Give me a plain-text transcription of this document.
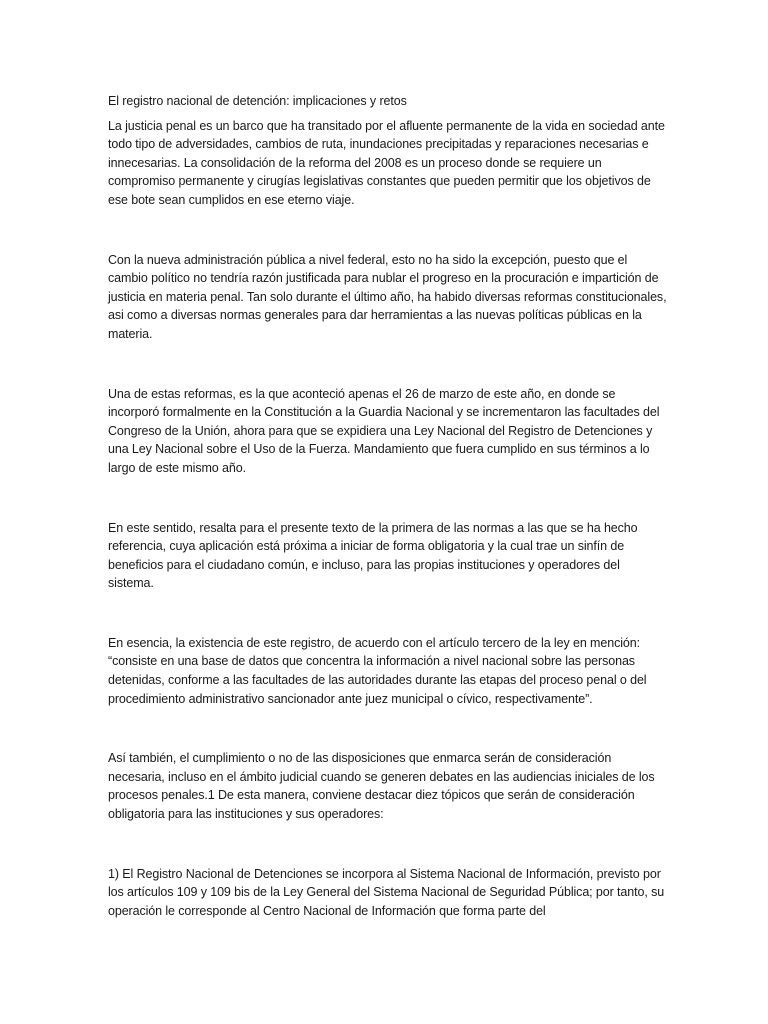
El registro nacional de detención: implicaciones y retos

La justicia penal es un barco que ha transitado por el afluente permanente de la vida en sociedad ante todo tipo de adversidades, cambios de ruta, inundaciones precipitadas y reparaciones necesarias e innecesarias. La consolidación de la reforma del 2008 es un proceso donde se requiere un compromiso permanente y cirugías legislativas constantes que pueden permitir que los objetivos de ese bote sean cumplidos en ese eterno viaje.

Con la nueva administración pública a nivel federal, esto no ha sido la excepción, puesto que el cambio político no tendría razón justificada para nublar el progreso en la procuración e impartición de justicia en materia penal. Tan solo durante el último año, ha habido diversas reformas constitucionales, asi como a diversas normas generales para dar herramientas a las nuevas políticas públicas en la materia.

Una de estas reformas, es la que aconteció apenas el 26 de marzo de este año, en donde se incorporó formalmente en la Constitución a la Guardia Nacional y se incrementaron las facultades del Congreso de la Unión, ahora para que se expidiera una Ley Nacional del Registro de Detenciones y una Ley Nacional sobre el Uso de la Fuerza. Mandamiento que fuera cumplido en sus términos a lo largo de este mismo año.

En este sentido, resalta para el presente texto de la primera de las normas a las que se ha hecho referencia, cuya aplicación está próxima a iniciar de forma obligatoria y la cual trae un sinfín de beneficios para el ciudadano común, e incluso, para las propias instituciones y operadores del sistema.

En esencia, la existencia de este registro, de acuerdo con el artículo tercero de la ley en mención: “consiste en una base de datos que concentra la información a nivel nacional sobre las personas detenidas, conforme a las facultades de las autoridades durante las etapas del proceso penal o del procedimiento administrativo sancionador ante juez municipal o cívico, respectivamente”.

Así también, el cumplimiento o no de las disposiciones que enmarca serán de consideración necesaria, incluso en el ámbito judicial cuando se generen debates en las audiencias iniciales de los procesos penales.1 De esta manera, conviene destacar diez tópicos que serán de consideración obligatoria para las instituciones y sus operadores:

1) El Registro Nacional de Detenciones se incorpora al Sistema Nacional de Información, previsto por los artículos 109 y 109 bis de la Ley General del Sistema Nacional de Seguridad Pública; por tanto, su operación le corresponde al Centro Nacional de Información que forma parte del
